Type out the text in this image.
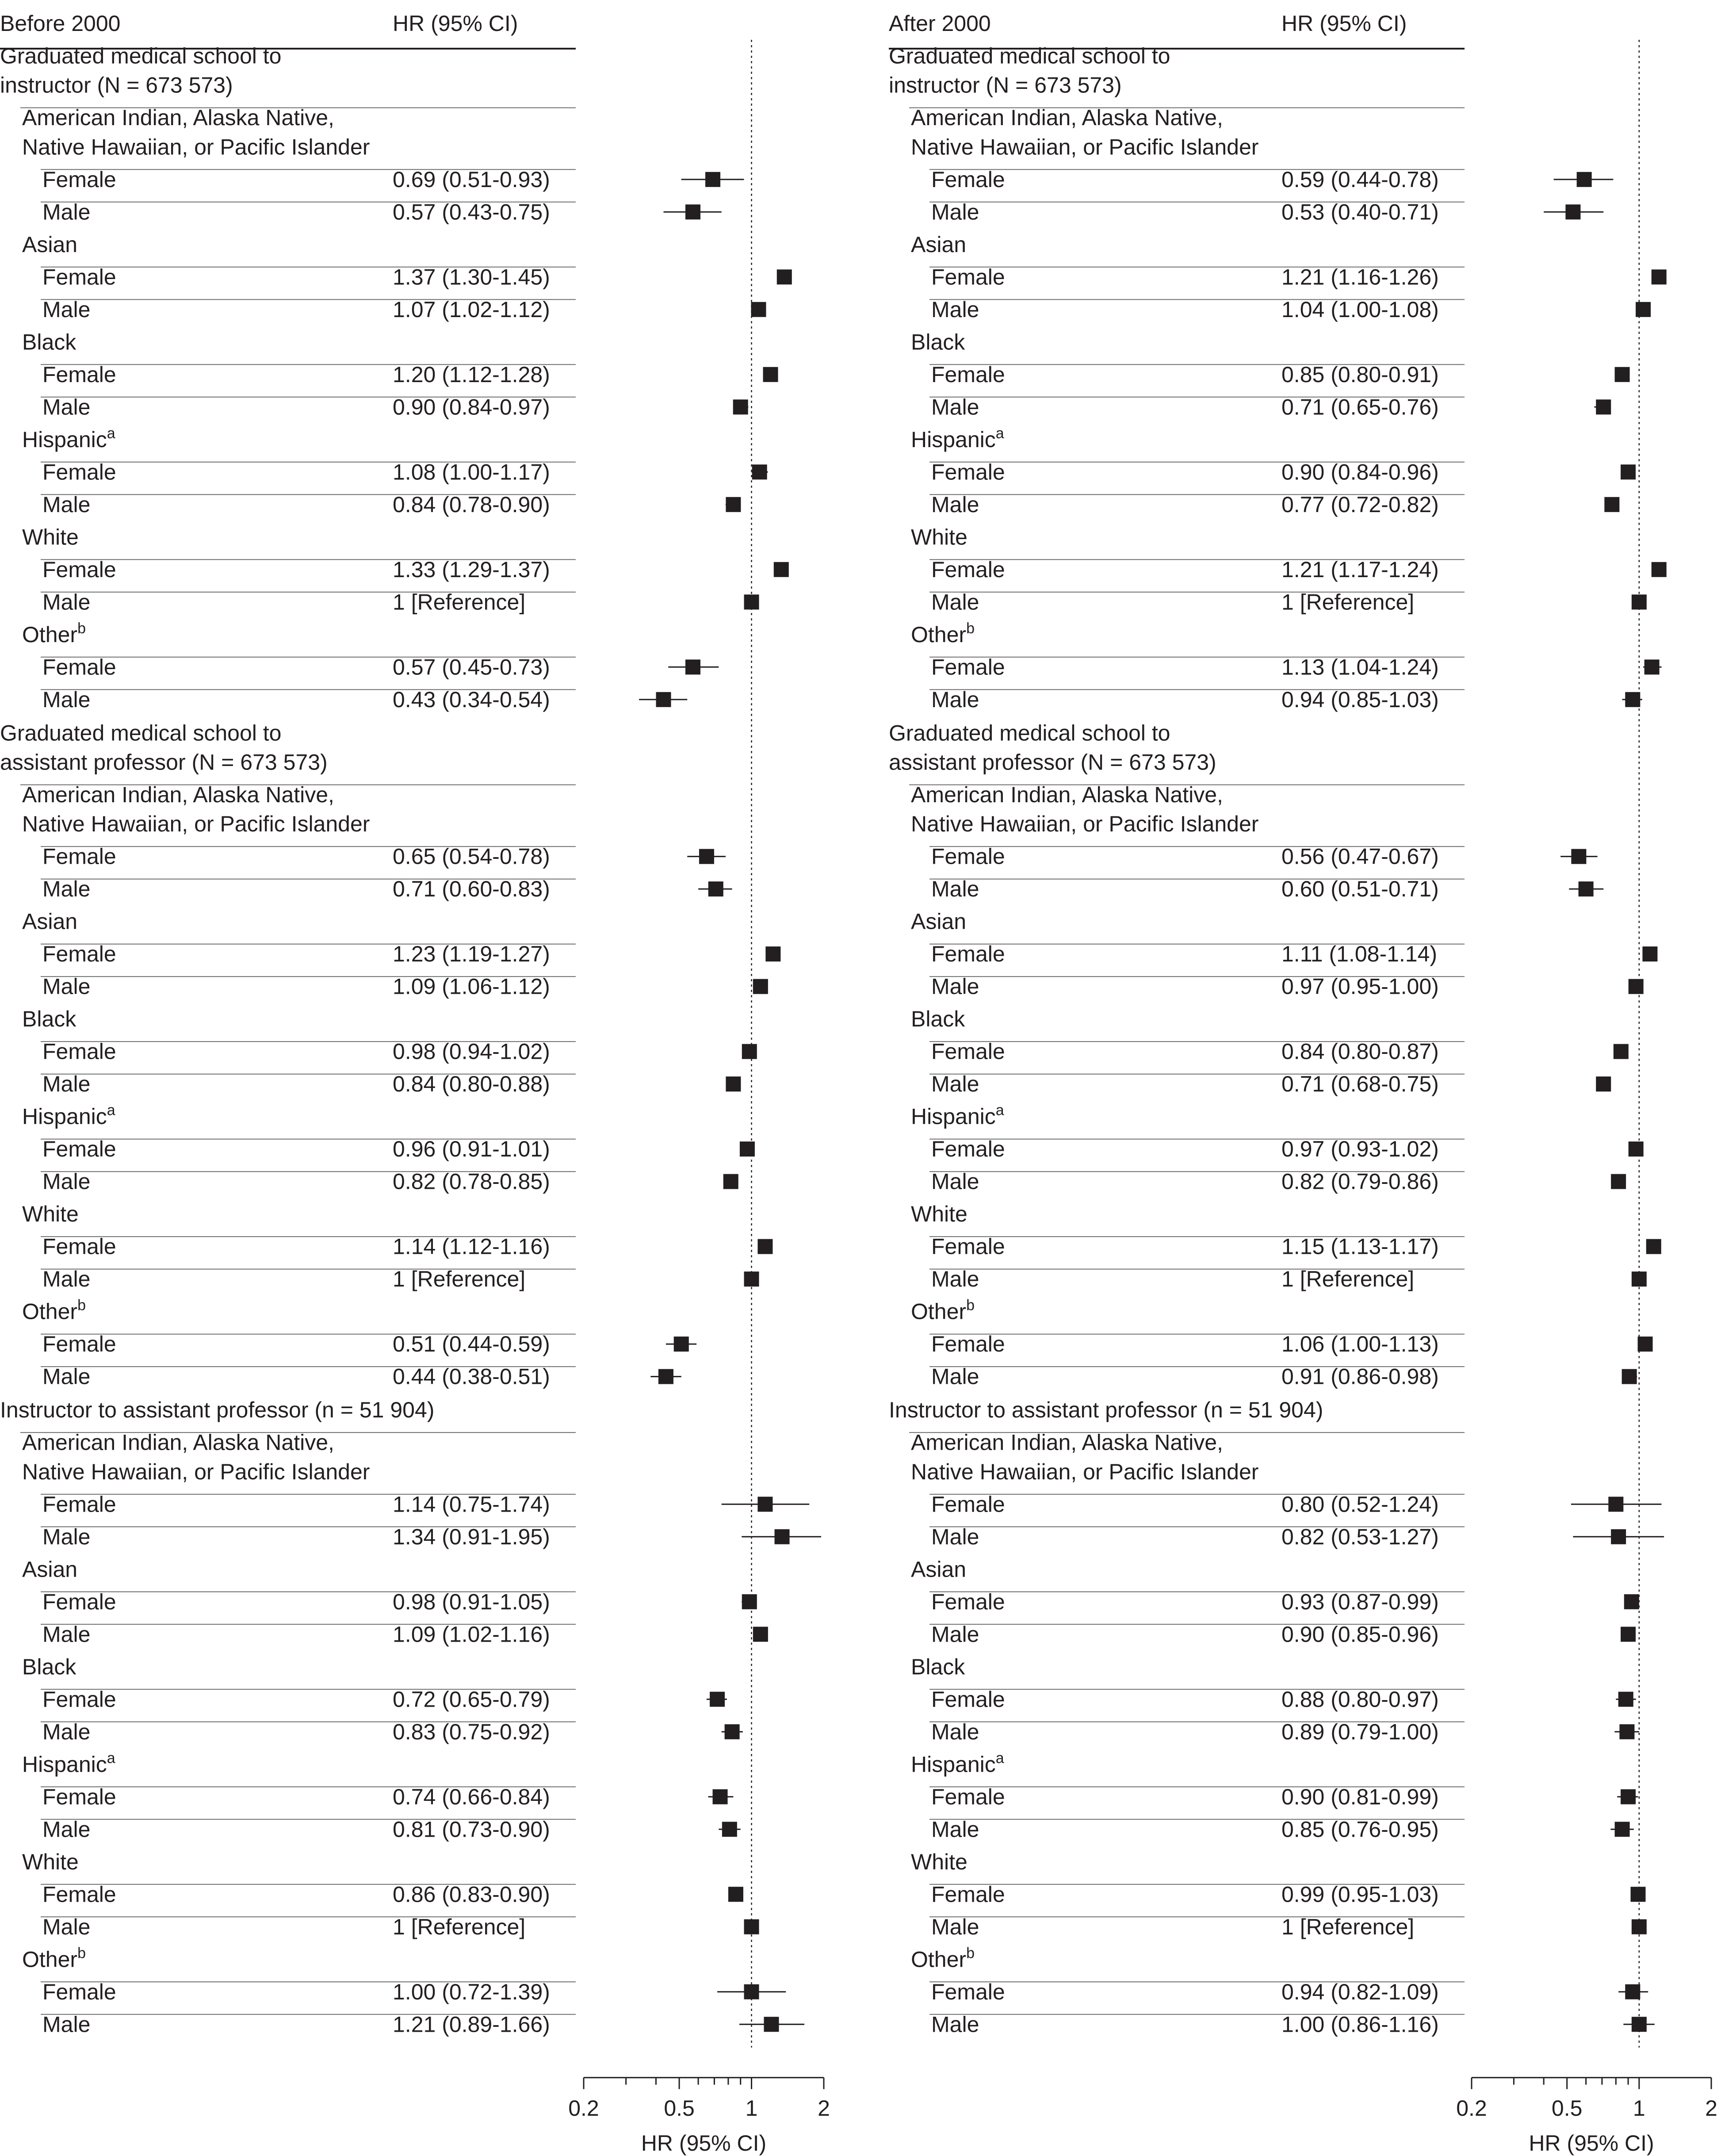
Before 2000	HR (95% CI)
Graduated medical school to
instructor (N = 673 573)
American Indian, Alaska Native,
Native Hawaiian, or Pacific Islander
Female	0.69 (0.51-0.93)
Male	0.57 (0.43-0.75)
Asian
Female	1.37 (1.30-1.45)
Male	1.07 (1.02-1.12)
Black
Female	1.20 (1.12-1.28)
Male	0.90 (0.84-0.97)
Hispanic$^a$
Female	1.08 (1.00-1.17)
Male	0.84 (0.78-0.90)
White
Female	1.33 (1.29-1.37)
Male	1 [Reference]
Other$^b$
Female	0.57 (0.45-0.73)
Male	0.43 (0.34-0.54)
Graduated medical school to
assistant professor (N = 673 573)
American Indian, Alaska Native,
Native Hawaiian, or Pacific Islander
Female	0.65 (0.54-0.78)
Male	0.71 (0.60-0.83)
Asian
Female	1.23 (1.19-1.27)
Male	1.09 (1.06-1.12)
Black
Female	0.98 (0.94-1.02)
Male	0.84 (0.80-0.88)
Hispanic$^a$
Female	0.96 (0.91-1.01)
Male	0.82 (0.78-0.85)
White
Female	1.14 (1.12-1.16)
Male	1 [Reference]
Other$^b$
Female	0.51 (0.44-0.59)
Male	0.44 (0.38-0.51)
Instructor to assistant professor (n = 51 904)
American Indian, Alaska Native,
Native Hawaiian, or Pacific Islander
Female	1.14 (0.75-1.74)
Male	1.34 (0.91-1.95)
Asian
Female	0.98 (0.91-1.05)
Male	1.09 (1.02-1.16)
Black
Female	0.72 (0.65-0.79)
Male	0.83 (0.75-0.92)
Hispanic$^a$
Female	0.74 (0.66-0.84)
Male	0.81 (0.73-0.90)
White
Female	0.86 (0.83-0.90)
Male	1 [Reference]
Other$^b$
Female	1.00 (0.72-1.39)
Male	1.21 (0.89-1.66)
0.2	0.5 1	2
HR (95% CI)
After 2000	HR (95% CI)
Graduated medical school to
instructor (N = 673 573)
American Indian, Alaska Native,
Native Hawaiian, or Pacific Islander
Female	0.59 (0.44-0.78)
Male	0.53 (0.40-0.71)
Asian
Female	1.21 (1.16-1.26)
Male	1.04 (1.00-1.08)
Black
Female	0.85 (0.80-0.91)
Male	0.71 (0.65-0.76)
Hispanic$^a$
Female	0.90 (0.84-0.96)
Male	0.77 (0.72-0.82)
White
Female	1.21 (1.17-1.24)
Male	1 [Reference]
Other$^b$
Female	1.13 (1.04-1.24)
Male	0.94 (0.85-1.03)
Graduated medical school to
assistant professor (N = 673 573)
American Indian, Alaska Native,
Native Hawaiian, or Pacific Islander
Female	0.56 (0.47-0.67)
Male	0.60 (0.51-0.71)
Asian
Female	1.11 (1.08-1.14)
Male	0.97 (0.95-1.00)
Black
Female	0.84 (0.80-0.87)
Male	0.71 (0.68-0.75)
Hispanic$^a$
Female	0.97 (0.93-1.02)
Male	0.82 (0.79-0.86)
White
Female	1.15 (1.13-1.17)
Male	1 [Reference]
Other$^b$
Female	1.06 (1.00-1.13)
Male	0.91 (0.86-0.98)
Instructor to assistant professor (n = 51 904)
American Indian, Alaska Native,
Native Hawaiian, or Pacific Islander
Female	0.80 (0.52-1.24)
Male	0.82 (0.53-1.27)
Asian
Female	0.93 (0.87-0.99)
Male	0.90 (0.85-0.96)
Black
Female	0.88 (0.80-0.97)
Male	0.89 (0.79-1.00)
Hispanic$^a$
Female	0.90 (0.81-0.99)
Male	0.85 (0.76-0.95)
White
Female	0.99 (0.95-1.03)
Male	1 [Reference]
Other$^b$
Female	0.94 (0.82-1.09)
Male	1.00 (0.86-1.16)
0.2	0.5 1	2
HR (95% CI)
